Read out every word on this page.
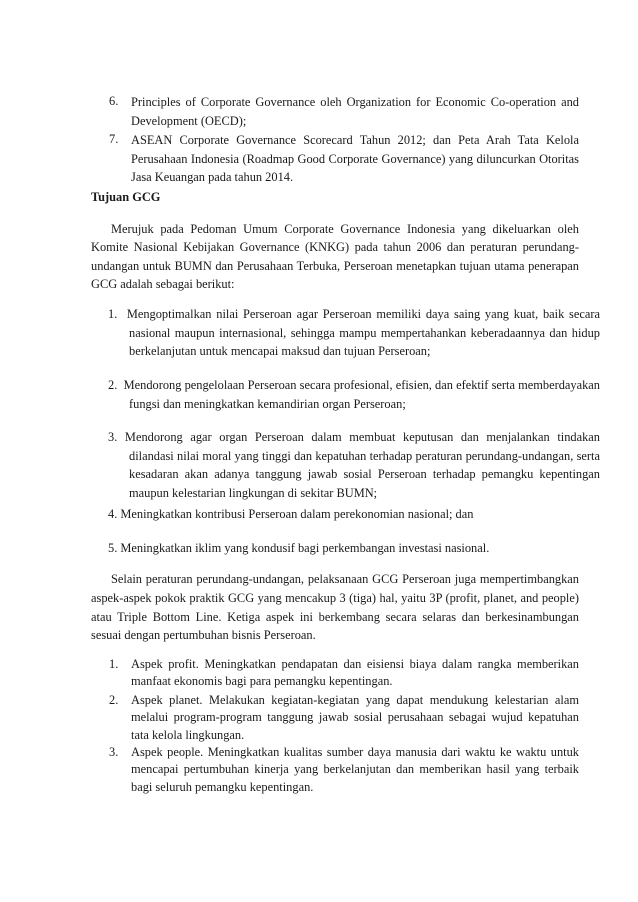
6.	Principles of Corporate Governance oleh Organization for Economic Co-operation and Development (OECD);
7.	ASEAN Corporate Governance Scorecard Tahun 2012; dan Peta Arah Tata Kelola Perusahaan Indonesia (Roadmap Good Corporate Governance) yang diluncurkan Otoritas Jasa Keuangan pada tahun 2014.
Tujuan GCG
Merujuk pada Pedoman Umum Corporate Governance Indonesia yang dikeluarkan oleh Komite Nasional Kebijakan Governance (KNKG) pada tahun 2006 dan peraturan perundang-undangan untuk BUMN dan Perusahaan Terbuka, Perseroan menetapkan tujuan utama penerapan GCG adalah sebagai berikut:
1. Mengoptimalkan nilai Perseroan agar Perseroan memiliki daya saing yang kuat, baik secara nasional maupun internasional, sehingga mampu mempertahankan keberadaannya dan hidup berkelanjutan untuk mencapai maksud dan tujuan Perseroan;
2. Mendorong pengelolaan Perseroan secara profesional, efisien, dan efektif serta memberdayakan fungsi dan meningkatkan kemandirian organ Perseroan;
3. Mendorong agar organ Perseroan dalam membuat keputusan dan menjalankan tindakan dilandasi nilai moral yang tinggi dan kepatuhan terhadap peraturan perundang-undangan, serta kesadaran akan adanya tanggung jawab sosial Perseroan terhadap pemangku kepentingan maupun kelestarian lingkungan di sekitar BUMN;
4. Meningkatkan kontribusi Perseroan dalam perekonomian nasional; dan
5. Meningkatkan iklim yang kondusif bagi perkembangan investasi nasional.
Selain peraturan perundang-undangan, pelaksanaan GCG Perseroan juga mempertimbangkan aspek-aspek pokok praktik GCG yang mencakup 3 (tiga) hal, yaitu 3P (profit, planet, and people) atau Triple Bottom Line. Ketiga aspek ini berkembang secara selaras dan berkesinambungan sesuai dengan pertumbuhan bisnis Perseroan.
1.	Aspek profit. Meningkatkan pendapatan dan eisiensi biaya dalam rangka memberikan manfaat ekonomis bagi para pemangku kepentingan.
2.	Aspek planet. Melakukan kegiatan-kegiatan yang dapat mendukung kelestarian alam melalui program-program tanggung jawab sosial perusahaan sebagai wujud kepatuhan tata kelola lingkungan.
3.	Aspek people. Meningkatkan kualitas sumber daya manusia dari waktu ke waktu untuk mencapai pertumbuhan kinerja yang berkelanjutan dan memberikan hasil yang terbaik bagi seluruh pemangku kepentingan.
